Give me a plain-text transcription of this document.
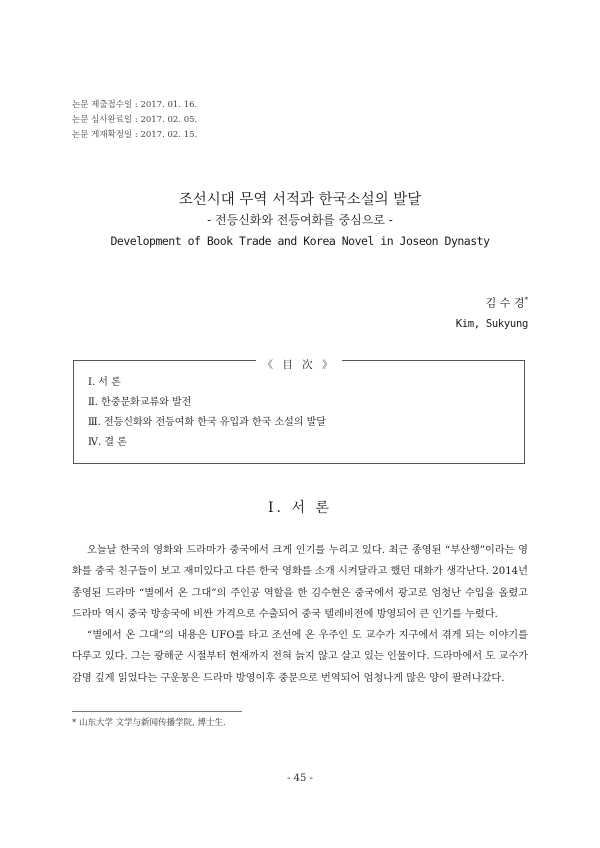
논문 제출접수일 : 2017. 01. 16.
논문 심사완료일 : 2017. 02. 05.
논문 게재확정일 : 2017. 02. 15.
조선시대 무역 서적과 한국소설의 발달
- 전등신화와 전등여화를 중심으로 -
Development of Book Trade and Korea Novel in Joseon Dynasty
김 수 경*
Kim, Sukyung
《 目 次 》
Ⅰ. 서 론
Ⅱ. 한중문화교류와 발전
Ⅲ. 전등신화와 전등여화 한국 유입과 한국 소설의 발달
Ⅳ. 결 론
Ⅰ. 서 론

오늘날 한국의 영화와 드라마가 중국에서 크게 인기를 누리고 있다. 최근 종영된 “부산행”이라는 영화를 중국 친구들이 보고 재미있다고 다른 한국 영화를 소개 시켜달라고 했던 대화가 생각난다. 2014년 종영된 드라마 “별에서 온 그대”의 주인공 역할을 한 김수현은 중국에서 광고로 엄청난 수입을 올렸고 드라마 역시 중국 방송국에 비싼 가격으로 수출되어 중국 텔레비전에 방영되어 큰 인기를 누렸다.

“별에서 온 그대”의 내용은 UFO를 타고 조선에 온 우주인 도 교수가 지구에서 겪게 되는 이야기를 다루고 있다. 그는 광해군 시절부터 현재까지 전혀 늙지 않고 살고 있는 인물이다. 드라마에서 도 교수가 감명 깊게 읽었다는 구운몽은 드라마 방영이후 중문으로 번역되어 엄청나게 많은 양이 팔려나갔다.

* 山东大学 文学与新闻传播学院, 博士生.
- 45 -
